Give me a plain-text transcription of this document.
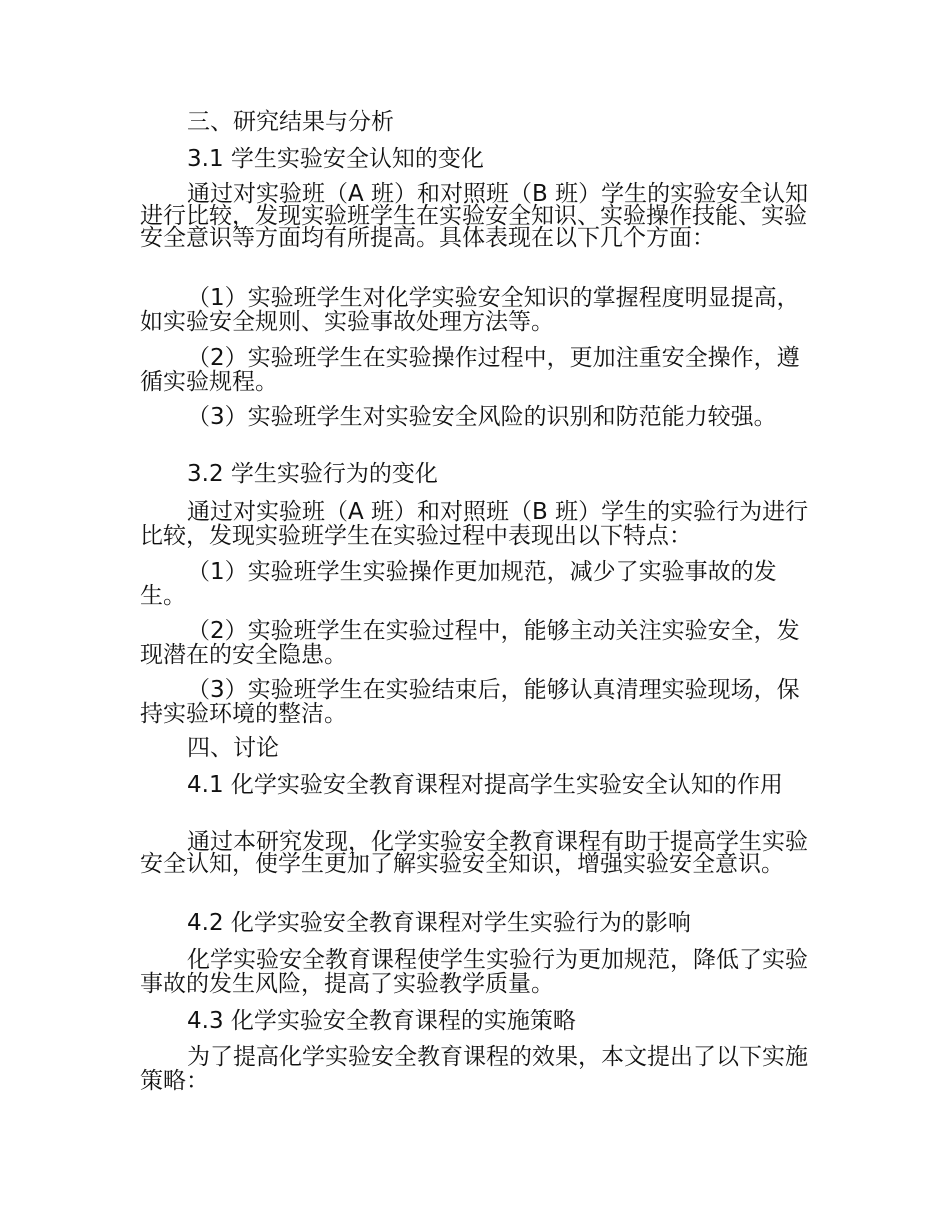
三、研究结果与分析
3.1 学生实验安全认知的变化
通过对实验班（A 班）和对照班（B 班）学生的实验安全认知进行比较，发现实验班学生在实验安全知识、实验操作技能、实验安全意识等方面均有所提高。具体表现在以下几个方面：
（1）实验班学生对化学实验安全知识的掌握程度明显提高，如实验安全规则、实验事故处理方法等。
（2）实验班学生在实验操作过程中，更加注重安全操作，遵循实验规程。
（3）实验班学生对实验安全风险的识别和防范能力较强。
3.2 学生实验行为的变化
通过对实验班（A 班）和对照班（B 班）学生的实验行为进行比较，发现实验班学生在实验过程中表现出以下特点：
（1）实验班学生实验操作更加规范，减少了实验事故的发生。
（2）实验班学生在实验过程中，能够主动关注实验安全，发现潜在的安全隐患。
（3）实验班学生在实验结束后，能够认真清理实验现场，保持实验环境的整洁。
四、讨论
4.1 化学实验安全教育课程对提高学生实验安全认知的作用
通过本研究发现，化学实验安全教育课程有助于提高学生实验安全认知，使学生更加了解实验安全知识，增强实验安全意识。
4.2 化学实验安全教育课程对学生实验行为的影响
化学实验安全教育课程使学生实验行为更加规范，降低了实验事故的发生风险，提高了实验教学质量。
4.3 化学实验安全教育课程的实施策略
为了提高化学实验安全教育课程的效果，本文提出了以下实施策略：
